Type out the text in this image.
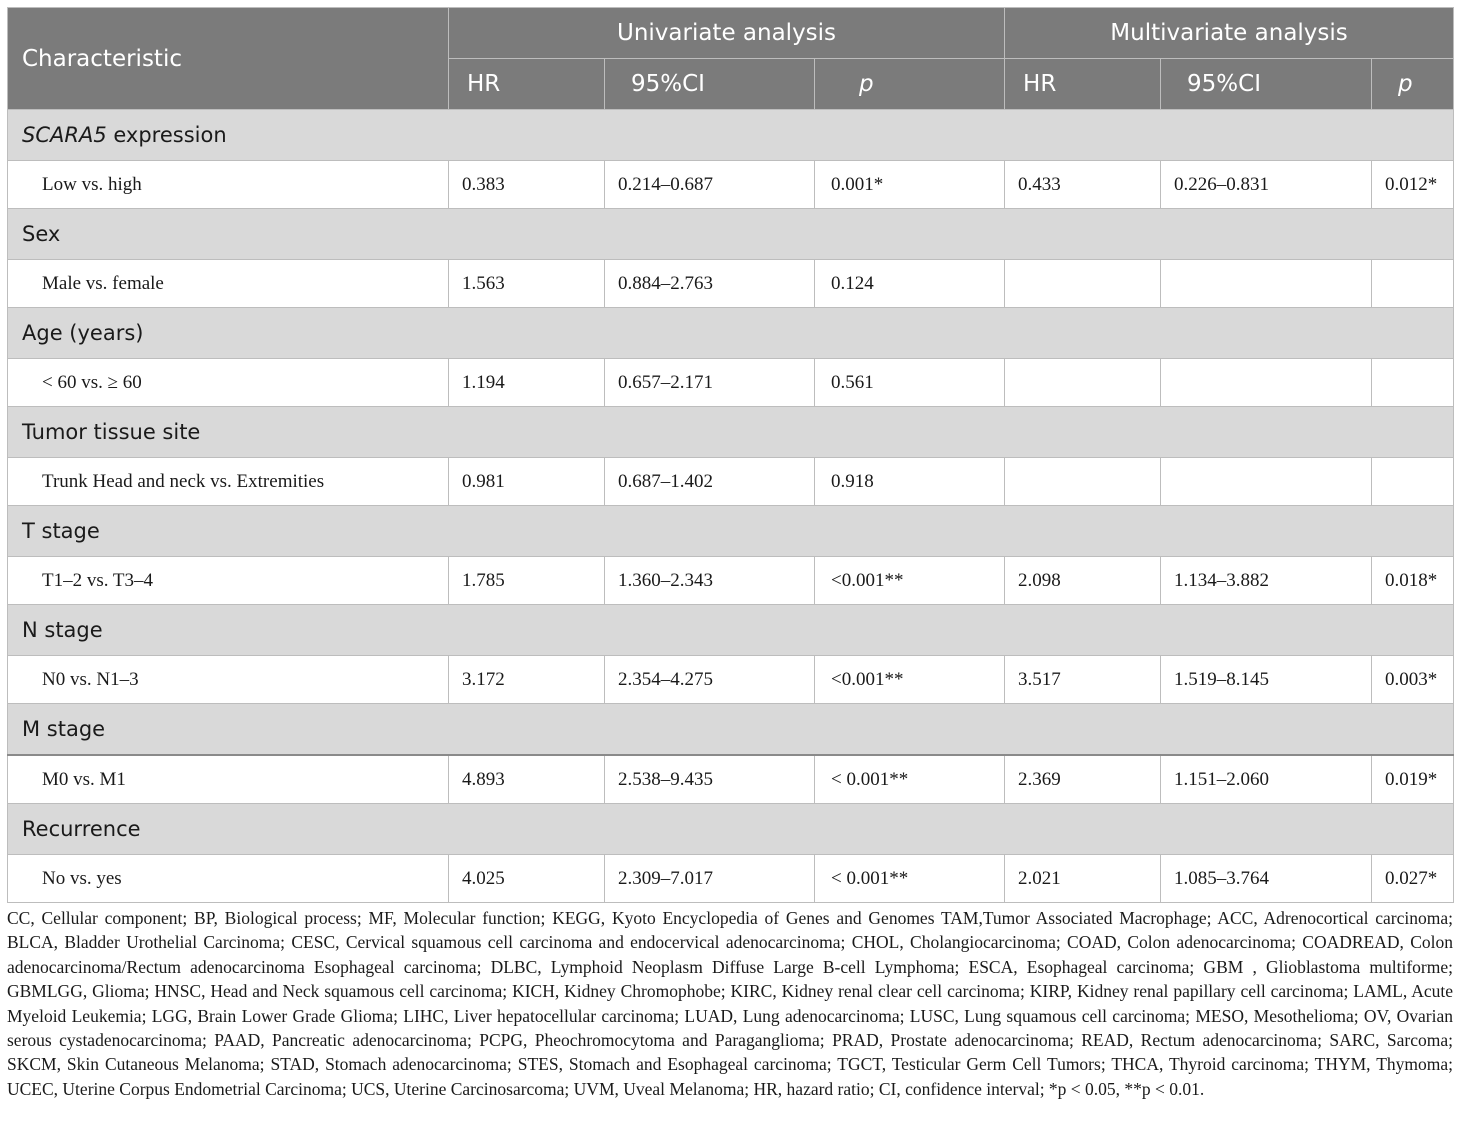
Characteristic	Univariate analysis			Multivariate analysis		
	HR	95%CI	p	HR	95%CI	p
SCARA5 expression						
Low vs. high	0.383	0.214–0.687	0.001*	0.433	0.226–0.831	0.012*
Sex						
Male vs. female	1.563	0.884–2.763	0.124			
Age (years)						
< 60 vs. ≥ 60	1.194	0.657–2.171	0.561			
Tumor tissue site						
Trunk Head and neck vs. Extremities	0.981	0.687–1.402	0.918			
T stage						
T1–2 vs. T3–4	1.785	1.360–2.343	<0.001**	2.098	1.134–3.882	0.018*
N stage						
N0 vs. N1–3	3.172	2.354–4.275	<0.001**	3.517	1.519–8.145	0.003*
M stage						
M0 vs. M1	4.893	2.538–9.435	< 0.001**	2.369	1.151–2.060	0.019*
Recurrence						
No vs. yes	4.025	2.309–7.017	< 0.001**	2.021	1.085–3.764	0.027*
CC, Cellular component; BP, Biological process; MF, Molecular function; KEGG, Kyoto Encyclopedia of Genes and Genomes TAM,Tumor Associated Macrophage; ACC, Adrenocortical carcinoma; BLCA, Bladder Urothelial Carcinoma; CESC, Cervical squamous cell carcinoma and endocervical adenocarcinoma; CHOL, Cholangiocarcinoma; COAD, Colon adenocarcinoma; COADREAD, Colon adenocarcinoma/Rectum adenocarcinoma Esophageal carcinoma; DLBC, Lymphoid Neoplasm Diffuse Large B-cell Lymphoma; ESCA, Esophageal carcinoma; GBM , Glioblastoma multiforme; GBMLGG, Glioma; HNSC, Head and Neck squamous cell carcinoma; KICH, Kidney Chromophobe; KIRC, Kidney renal clear cell carcinoma; KIRP, Kidney renal papillary cell carcinoma; LAML, Acute Myeloid Leukemia; LGG, Brain Lower Grade Glioma; LIHC, Liver hepatocellular carcinoma; LUAD, Lung adenocarcinoma; LUSC, Lung squamous cell carcinoma; MESO, Mesothelioma; OV, Ovarian serous cystadenocarcinoma; PAAD, Pancreatic adenocarcinoma; PCPG, Pheochromocytoma and Paraganglioma; PRAD, Prostate adenocarcinoma; READ, Rectum adenocarcinoma; SARC, Sarcoma; SKCM, Skin Cutaneous Melanoma; STAD, Stomach adenocarcinoma; STES, Stomach and Esophageal carcinoma; TGCT, Testicular Germ Cell Tumors; THCA, Thyroid carcinoma; THYM, Thymoma; UCEC, Uterine Corpus Endometrial Carcinoma; UCS, Uterine Carcinosarcoma; UVM, Uveal Melanoma; HR, hazard ratio; CI, confidence interval; *p < 0.05, **p < 0.01.
